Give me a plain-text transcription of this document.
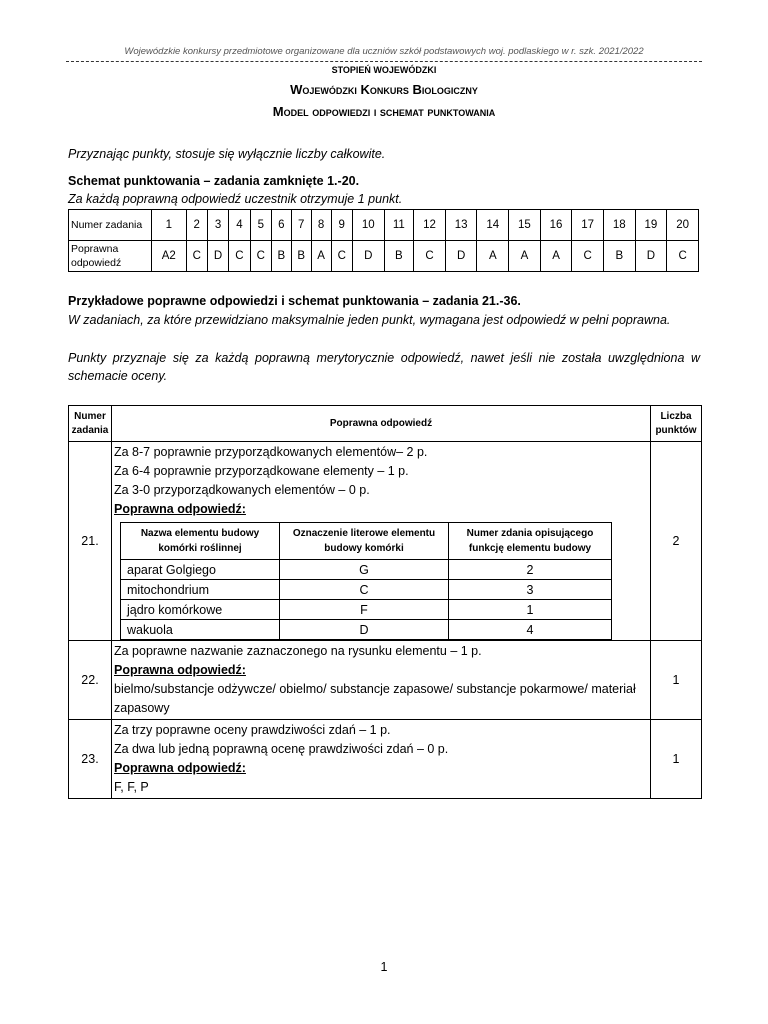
Wojewódzkie konkursy przedmiotowe organizowane dla uczniów szkół podstawowych woj. podlaskiego w r. szk. 2021/2022
STOPIEŃ WOJEWÓDZKI
Wojewódzki Konkurs Biologiczny
Model odpowiedzi i schemat punktowania
Przyznając punkty, stosuje się wyłącznie liczby całkowite.
Schemat punktowania – zadania zamknięte 1.-20.
Za każdą poprawną odpowiedź uczestnik otrzymuje 1 punkt.
Numer zadania	1	2	3	4	5	6	7	8	9	10	11	12	13	14	15	16	17	18	19	20
Poprawna odpowiedź	A2	C	D	C	C	B	B	A	C	D	B	C	D	A	A	A	C	B	D	C
Przykładowe poprawne odpowiedzi i schemat punktowania – zadania 21.-36.
W zadaniach, za które przewidziano maksymalnie jeden punkt, wymagana jest odpowiedź w pełni poprawna.
Punkty przyznaje się za każdą poprawną merytorycznie odpowiedź, nawet jeśli nie została uwzględniona w schemacie oceny.
Numer zadania	Poprawna odpowiedź	Liczba punktów
21.	
Za 8-7 poprawnie przyporządkowanych elementów– 2 p.
Za 6-4 poprawnie przyporządkowane elementy – 1 p.
Za 3-0 przyporządkowanych elementów – 0 p.
Poprawna odpowiedź:
Nazwa elementu budowy komórki roślinnej	Oznaczenie literowe elementu budowy komórki	Numer zdania opisującego funkcję elementu budowy
aparat Golgiego	G	2
mitochondrium	C	3
jądro komórkowe	F	1
wakuola	D	4
	2
22.	
Za poprawne nazwanie zaznaczonego na rysunku elementu – 1 p.
Poprawna odpowiedź:
bielmo/substancje odżywcze/ obielmo/ substancje zapasowe/ substancje pokarmowe/ materiał zapasowy
	1
23.	
Za trzy poprawne oceny prawdziwości zdań – 1 p.
Za dwa lub jedną poprawną ocenę prawdziwości zdań – 0 p.
Poprawna odpowiedź:
F, F, P
	1
1
